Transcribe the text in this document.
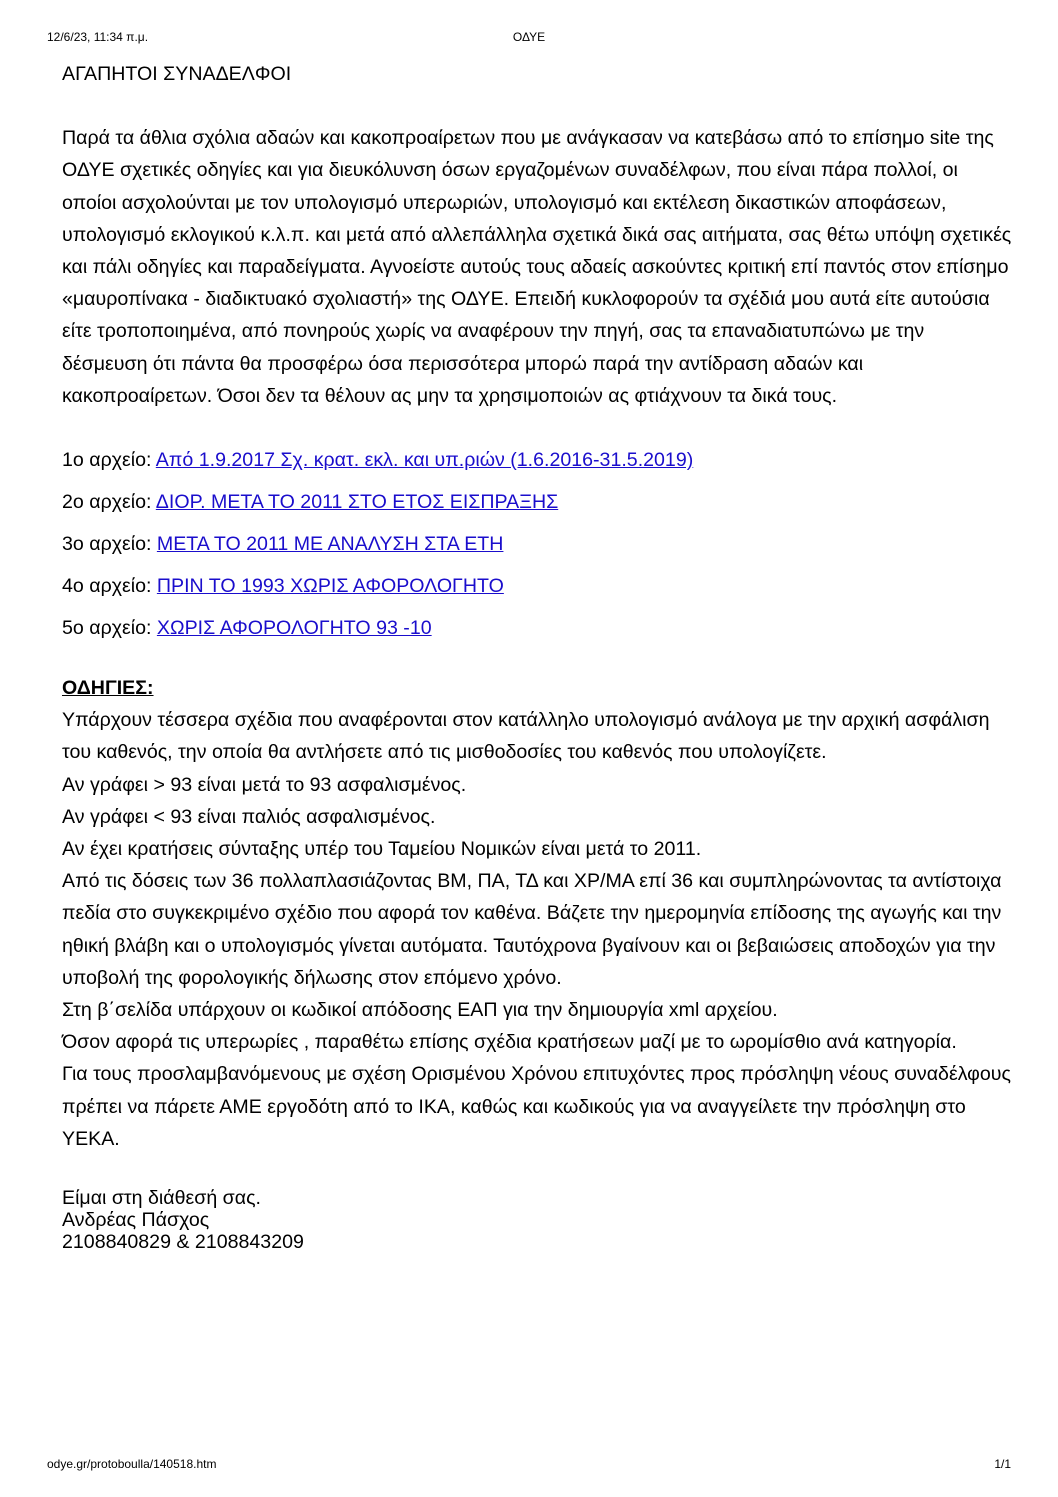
12/6/23, 11:34 π.μ.	ΟΔΥΕ

ΑΓΑΠΗΤΟΙ ΣΥΝΑΔΕΛΦΟΙ

Παρά τα άθλια σχόλια αδαών και κακοπροαίρετων που με ανάγκασαν να κατεβάσω από το επίσημο site της ΟΔΥΕ σχετικές οδηγίες και για διευκόλυνση όσων εργαζομένων συναδέλφων, που είναι πάρα πολλοί, οι οποίοι ασχολούνται με τον υπολογισμό υπερωριών, υπολογισμό και εκτέλεση δικαστικών αποφάσεων, υπολογισμό εκλογικού κ.λ.π. και μετά από αλλεπάλληλα σχετικά δικά σας αιτήματα, σας θέτω υπόψη σχετικές και πάλι οδηγίες και παραδείγματα. Αγνοείστε αυτούς τους αδαείς ασκούντες κριτική επί παντός στον επίσημο «μαυροπίνακα - διαδικτυακό σχολιαστή» της ΟΔΥΕ. Επειδή κυκλοφορούν τα σχέδιά μου αυτά είτε αυτούσια είτε τροποποιημένα, από πονηρούς χωρίς να αναφέρουν την πηγή, σας τα επαναδιατυπώνω με την δέσμευση ότι πάντα θα προσφέρω όσα περισσότερα μπορώ παρά την αντίδραση αδαών και κακοπροαίρετων. Όσοι δεν τα θέλουν ας μην τα χρησιμοποιών ας φτιάχνουν τα δικά τους.

1ο αρχείο: Από 1.9.2017 Σχ. κρατ. εκλ. και υπ.ριών (1.6.2016-31.5.2019)
2ο αρχείο: ΔΙΟΡ. ΜΕΤΑ ΤΟ 2011 ΣΤΟ ΕΤΟΣ ΕΙΣΠΡΑΞΗΣ
3ο αρχείο: ΜΕΤΑ ΤΟ 2011 ΜΕ ΑΝΑΛΥΣΗ ΣΤΑ ΕΤΗ
4ο αρχείο: ΠΡΙΝ ΤΟ 1993 ΧΩΡΙΣ ΑΦΟΡΟΛΟΓΗΤΟ
5ο αρχείο: ΧΩΡΙΣ ΑΦΟΡΟΛΟΓΗΤΟ 93 -10

ΟΔΗΓΙΕΣ:

Υπάρχουν τέσσερα σχέδια που αναφέρονται στον κατάλληλο υπολογισμό ανάλογα με την αρχική ασφάλιση του καθενός, την οποία θα αντλήσετε από τις μισθοδοσίες του καθενός που υπολογίζετε.

Αν γράφει > 93 είναι μετά το 93 ασφαλισμένος.

Αν γράφει < 93 είναι παλιός ασφαλισμένος.

Αν έχει κρατήσεις σύνταξης υπέρ του Ταμείου Νομικών είναι μετά το 2011.

Από τις δόσεις των 36 πολλαπλασιάζοντας ΒΜ, ΠΑ, ΤΔ και ΧΡ/ΜΑ επί 36 και συμπληρώνοντας τα αντίστοιχα πεδία στο συγκεκριμένο σχέδιο που αφορά τον καθένα. Βάζετε την ημερομηνία επίδοσης της αγωγής και την ηθική βλάβη και ο υπολογισμός γίνεται αυτόματα. Ταυτόχρονα βγαίνουν και οι βεβαιώσεις αποδοχών για την υποβολή της φορολογικής δήλωσης στον επόμενο χρόνο.

Στη β΄σελίδα υπάρχουν οι κωδικοί απόδοσης ΕΑΠ για την δημιουργία xml αρχείου.

Όσον αφορά τις υπερωρίες , παραθέτω επίσης σχέδια κρατήσεων μαζί με το ωρομίσθιο ανά κατηγορία.

Για τους προσλαμβανόμενους με σχέση Ορισμένου Χρόνου επιτυχόντες προς πρόσληψη νέους συναδέλφους πρέπει να πάρετε ΑΜΕ εργοδότη από το ΙΚΑ, καθώς και κωδικούς για να αναγγείλετε την πρόσληψη στο ΥΕΚΑ.

Είμαι στη διάθεσή σας.
Ανδρέας Πάσχος
2108840829 & 2108843209

odye.gr/protoboulla/140518.htm	1/1
